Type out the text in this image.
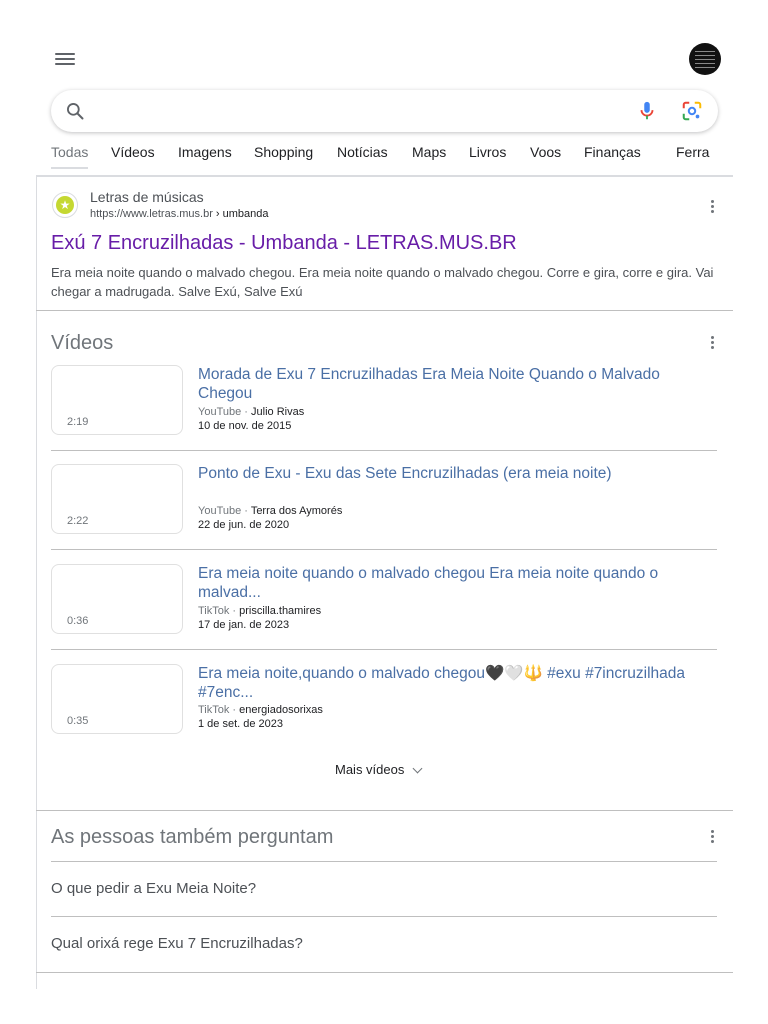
Todas Vídeos Imagens Shopping Notícias Maps Livros Voos Finanças	Ferra
★ Letras de músicas
https://www.letras.mus.br › umbanda
Exú 7 Encruzilhadas - Umbanda - LETRAS.MUS.BR
Era meia noite quando o malvado chegou. Era meia noite quando o malvado chegou. Corre e gira, corre e gira. Vai chegar a madrugada. Salve Exú, Salve Exú
Vídeos
2:19
Morada de Exu 7 Encruzilhadas Era Meia Noite Quando o Malvado Chegou
YouTube · Julio Rivas
10 de nov. de 2015
2:22
Ponto de Exu - Exu das Sete Encruzilhadas (era meia noite)
YouTube · Terra dos Aymorés
22 de jun. de 2020
0:36
Era meia noite quando o malvado chegou Era meia noite quando o malvad...
TikTok · priscilla.thamires
17 de jan. de 2023
0:35
Era meia noite,quando o malvado chegou🖤🤍🔱 #exu #7incruzilhada #7enc...
TikTok · energiadosorixas
1 de set. de 2023
Mais vídeos
As pessoas também perguntam
O que pedir a Exu Meia Noite?
Qual orixá rege Exu 7 Encruzilhadas?
